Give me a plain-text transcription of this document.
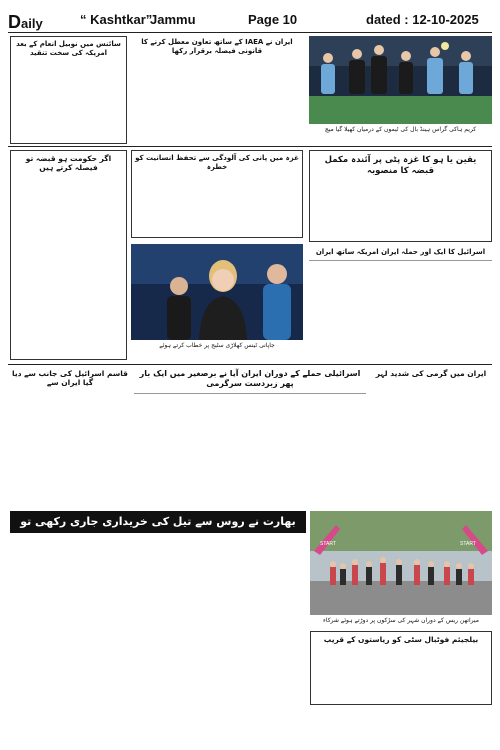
Daily	“ Kashtkar”
Jammu	Page 10	dated : 12-10-2025
سائنس میں نوبیل انعام کے بعد امریکہ کی سخت تنقید
ایران نے IAEA کے ساتھ تعاون معطل کرنے کا قانونی فیصلہ برقرار رکھا
کریم ہاکی گراس ہینڈ بال کی ٹیموں کے درمیان کھیلا گیا میچ
اگر حکومت ہو قبضہ تو فیصلہ کرتے ہیں
غزہ میں پانی کی آلودگی سے تحفظ انسانیت کو خطرہ
جاپانی ٹینس کھلاڑی سٹیج پر خطاب کرتے ہوئے
یقین یا ہو کا غزہ پٹی پر آئندہ مکمل قبضہ کا منصوبہ
اسرائیل کا ایک اور حملہ ایران امریکہ ساتھ ایران
قاسم اسرائیل کی جانب سے دیا گیا ایران سے
اسرائیلی حملے کے دوران ایران آیا نے برصغیر میں ایک بار پھر زبردست سرگرمی
ایران میں گرمی کی شدید لہر
بھارت نے روس سے تیل کی خریداری جاری رکھی تو محصول مزید بڑھا دیں گے	START	START
میراتھن ریس کے دوران شہر کی سڑکوں پر دوڑتے ہوئے شرکاء
بیلجیئم فوٹبال سٹی کو ریاستوں کے قریب
